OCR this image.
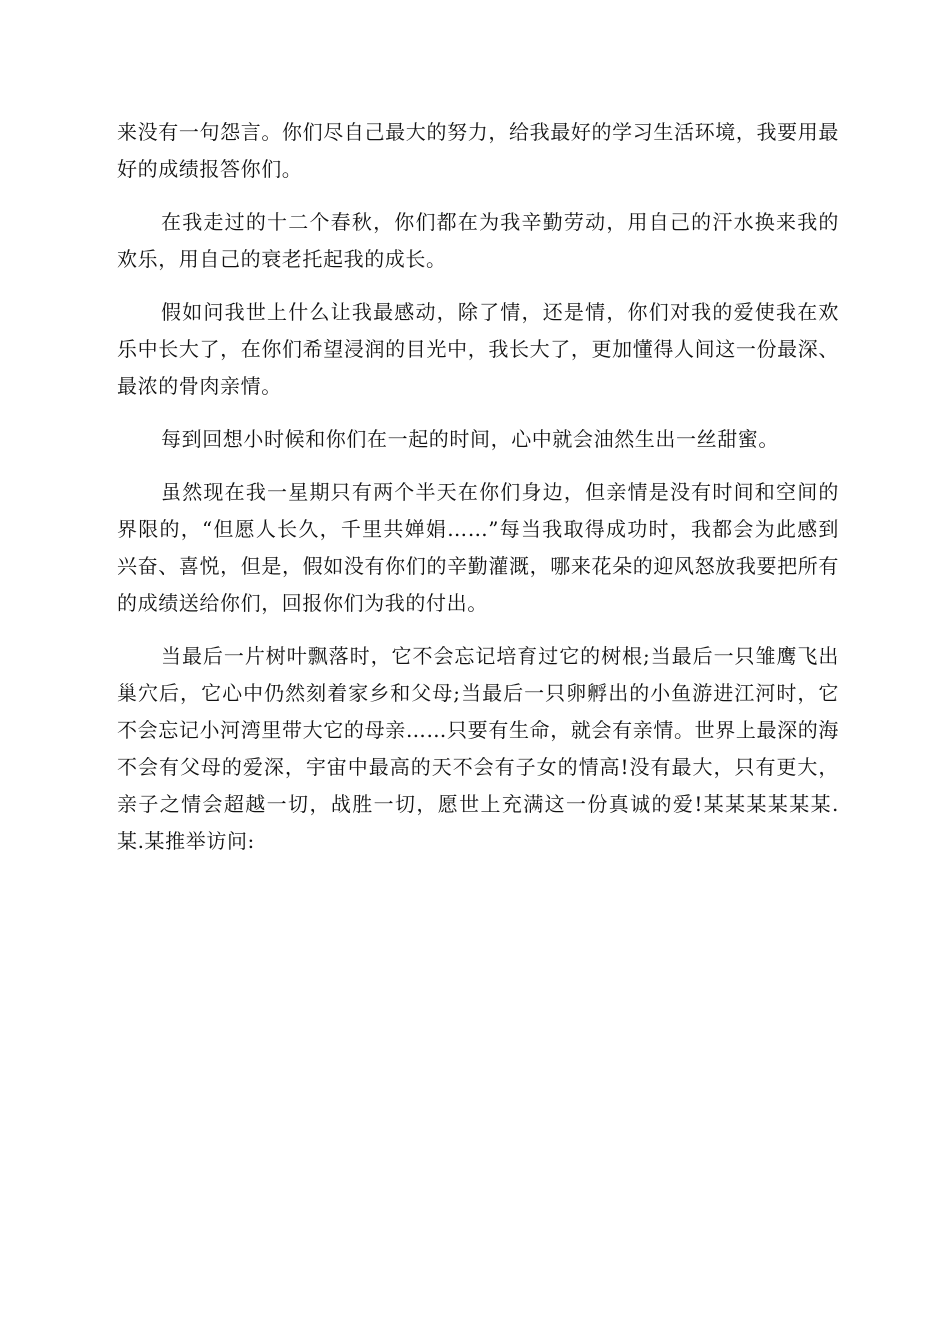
来没有一句怨言。你们尽自己最大的努力，给我最好的学习生活环境，我要用最好的成绩报答你们。

在我走过的十二个春秋，你们都在为我辛勤劳动，用自己的汗水换来我的欢乐，用自己的衰老托起我的成长。

假如问我世上什么让我最感动，除了情，还是情，你们对我的爱使我在欢乐中长大了，在你们希望浸润的目光中，我长大了，更加懂得人间这一份最深、最浓的骨肉亲情。

每到回想小时候和你们在一起的时间，心中就会油然生出一丝甜蜜。

虽然现在我一星期只有两个半天在你们身边，但亲情是没有时间和空间的界限的，“但愿人长久，千里共婵娟……”每当我取得成功时，我都会为此感到兴奋、喜悦，但是，假如没有你们的辛勤灌溉，哪来花朵的迎风怒放我要把所有的成绩送给你们，回报你们为我的付出。

当最后一片树叶飘落时，它不会忘记培育过它的树根;当最后一只雏鹰飞出巢穴后，它心中仍然刻着家乡和父母;当最后一只卵孵出的小鱼游进江河时，它不会忘记小河湾里带大它的母亲……只要有生命，就会有亲情。世界上最深的海不会有父母的爱深，宇宙中最高的天不会有子女的情高!没有最大，只有更大，亲子之情会超越一切，战胜一切，愿世上充满这一份真诚的爱!某某某某某某.某.某推举访问:
